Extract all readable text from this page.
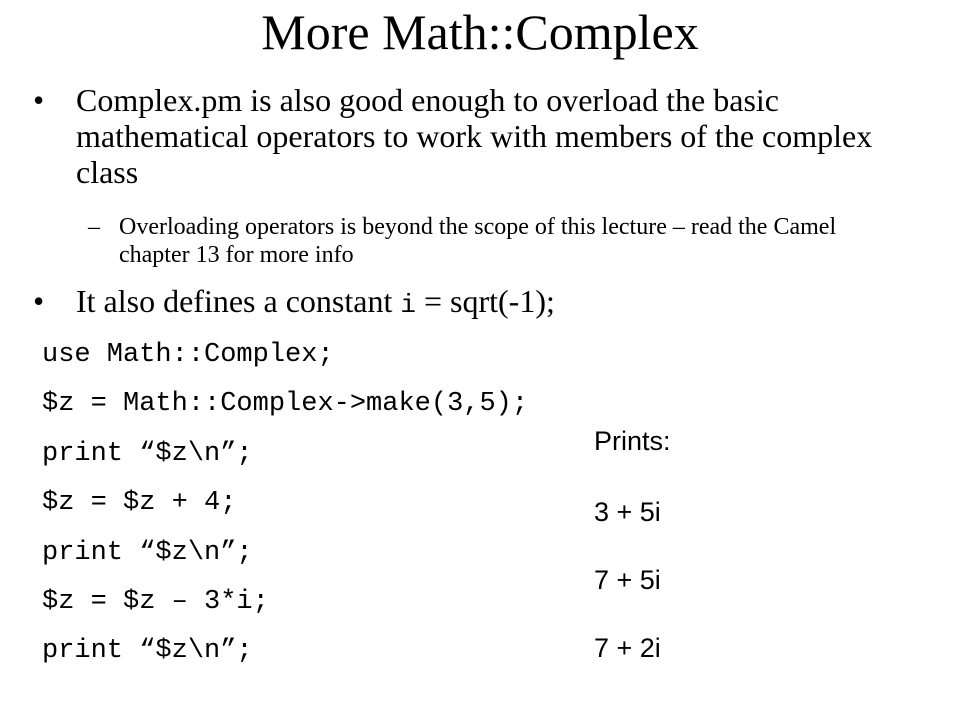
More Math::Complex
• Complex.pm is also good enough to overload the basic mathematical operators to work with members of the complex class
– Overloading operators is beyond the scope of this lecture – read the Camel chapter 13 for more info
• It also defines a constant i = sqrt(-1);
use Math::Complex;
$z = Math::Complex->make(3,5);
print “$z\n”;
$z = $z + 4;
print “$z\n”;
$z = $z – 3*i;
print “$z\n”;
Prints:
3 + 5i
7 + 5i
7 + 2i
